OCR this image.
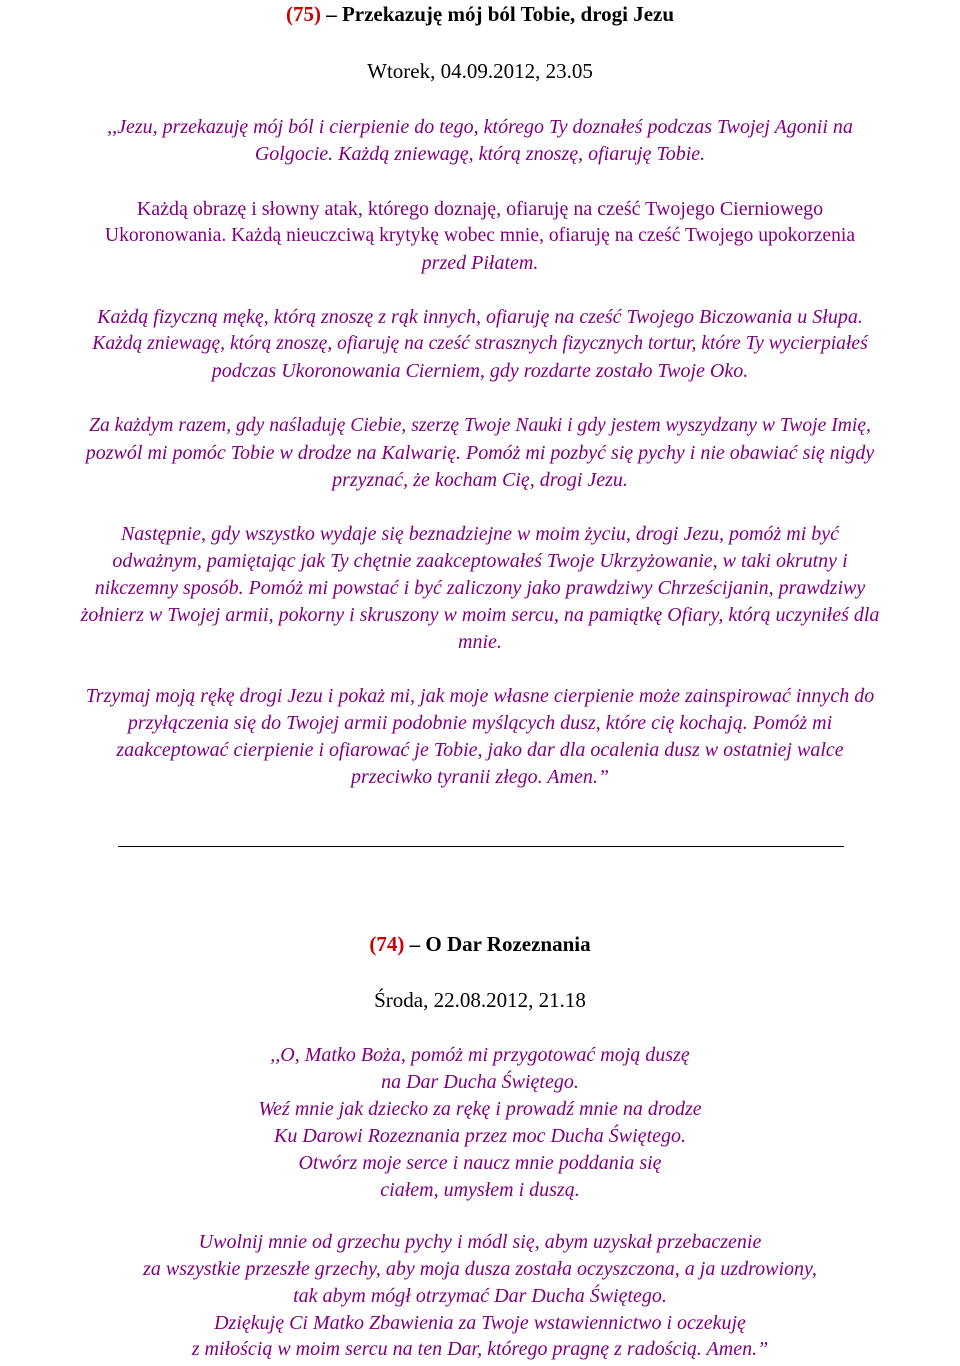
(75) – Przekazuję mój ból Tobie, drogi Jezu
Wtorek, 04.09.2012, 23.05
,,Jezu, przekazuję mój ból i cierpienie do tego, którego Ty doznałeś podczas Twojej Agonii na
Golgocie. Każdą zniewagę, którą znoszę, ofiaruję Tobie.
Każdą obrazę i słowny atak, którego doznaję, ofiaruję na cześć Twojego Cierniowego
Ukoronowania. Każdą nieuczciwą krytykę wobec mnie, ofiaruję na cześć Twojego upokorzenia
przed Piłatem.
Każdą fizyczną mękę, którą znoszę z rąk innych, ofiaruję na cześć Twojego Biczowania u Słupa.
Każdą zniewagę, którą znoszę, ofiaruję na cześć strasznych fizycznych tortur, które Ty wycierpiałeś
podczas Ukoronowania Cierniem, gdy rozdarte zostało Twoje Oko.
Za każdym razem, gdy naśladuję Ciebie, szerzę Twoje Nauki i gdy jestem wyszydzany w Twoje Imię,
pozwól mi pomóc Tobie w drodze na Kalwarię. Pomóż mi pozbyć się pychy i nie obawiać się nigdy
przyznać, że kocham Cię, drogi Jezu.
Następnie, gdy wszystko wydaje się beznadziejne w moim życiu, drogi Jezu, pomóż mi być
odważnym, pamiętając jak Ty chętnie zaakceptowałeś Twoje Ukrzyżowanie, w taki okrutny i
nikczemny sposób. Pomóż mi powstać i być zaliczony jako prawdziwy Chrześcijanin, prawdziwy
żołnierz w Twojej armii, pokorny i skruszony w moim sercu, na pamiątkę Ofiary, którą uczyniłeś dla
mnie.
Trzymaj moją rękę drogi Jezu i pokaż mi, jak moje własne cierpienie może zainspirować innych do
przyłączenia się do Twojej armii podobnie myślących dusz, które cię kochają. Pomóż mi
zaakceptować cierpienie i ofiarować je Tobie, jako dar dla ocalenia dusz w ostatniej walce
przeciwko tyranii złego. Amen.”
(74) – O Dar Rozeznania
Środa, 22.08.2012, 21.18
,,O, Matko Boża, pomóż mi przygotować moją duszę
na Dar Ducha Świętego.
Weź mnie jak dziecko za rękę i prowadź mnie na drodze
Ku Darowi Rozeznania przez moc Ducha Świętego.
Otwórz moje serce i naucz mnie poddania się
ciałem, umysłem i duszą.
Uwolnij mnie od grzechu pychy i módl się, abym uzyskał przebaczenie
za wszystkie przeszłe grzechy, aby moja dusza została oczyszczona, a ja uzdrowiony,
tak abym mógł otrzymać Dar Ducha Świętego.
Dziękuję Ci Matko Zbawienia za Twoje wstawiennictwo i oczekuję
z miłością w moim sercu na ten Dar, którego pragnę z radością. Amen.”
